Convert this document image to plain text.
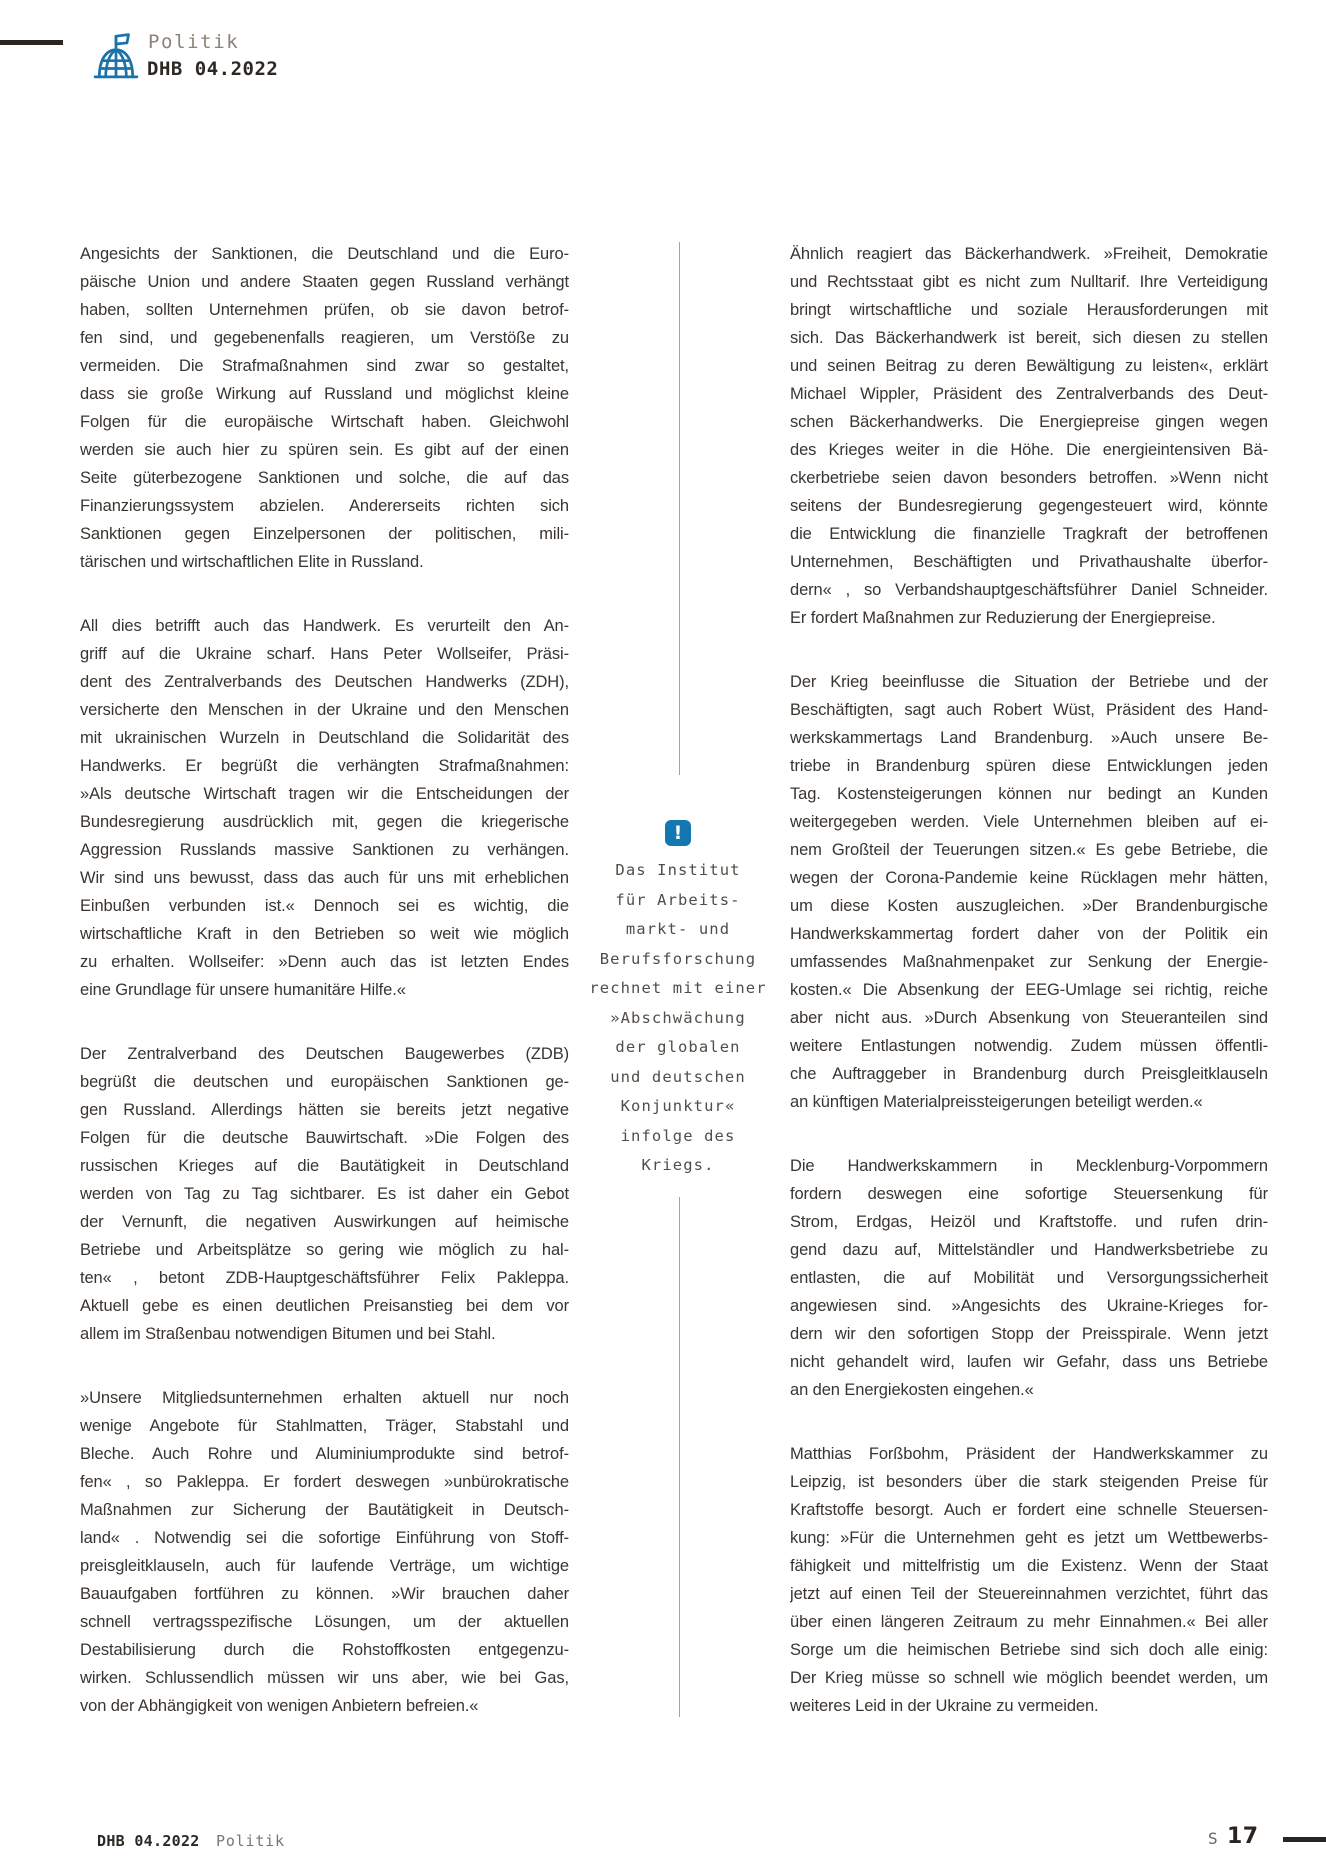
Politik
DHB 04.2022
Angesichts der Sanktionen, die Deutschland und die Euro-
päische Union und andere Staaten gegen Russland verhängt
haben, sollten Unternehmen prüfen, ob sie davon betrof-
fen sind, und gegebenenfalls reagieren, um Verstöße zu
vermeiden. Die Strafmaßnahmen sind zwar so gestaltet,
dass sie große Wirkung auf Russland und möglichst kleine
Folgen für die europäische Wirtschaft haben. Gleichwohl
werden sie auch hier zu spüren sein. Es gibt auf der einen
Seite güterbezogene Sanktionen und solche, die auf das
Finanzierungssystem abzielen. Andererseits richten sich
Sanktionen gegen Einzelpersonen der politischen, mili-
tärischen und wirtschaftlichen Elite in Russland.
All dies betrifft auch das Handwerk. Es verurteilt den An-
griff auf die Ukraine scharf. Hans Peter Wollseifer, Präsi-
dent des Zentralverbands des Deutschen Handwerks (ZDH),
versicherte den Menschen in der Ukraine und den Menschen
mit ukrainischen Wurzeln in Deutschland die Solidarität des
Handwerks. Er begrüßt die verhängten Strafmaßnahmen:
»Als deutsche Wirtschaft tragen wir die Entscheidungen der
Bundesregierung ausdrücklich mit, gegen die kriegerische
Aggression Russlands massive Sanktionen zu verhängen.
Wir sind uns bewusst, dass das auch für uns mit erheblichen
Einbußen verbunden ist.« Dennoch sei es wichtig, die
wirtschaftliche Kraft in den Betrieben so weit wie möglich
zu erhalten. Wollseifer: »Denn auch das ist letzten Endes
eine Grundlage für unsere humanitäre Hilfe.«
Der Zentralverband des Deutschen Baugewerbes (ZDB)
begrüßt die deutschen und europäischen Sanktionen ge-
gen Russland. Allerdings hätten sie bereits jetzt negative
Folgen für die deutsche Bauwirtschaft. »Die Folgen des
russischen Krieges auf die Bautätigkeit in Deutschland
werden von Tag zu Tag sichtbarer. Es ist daher ein Gebot
der Vernunft, die negativen Auswirkungen auf heimische
Betriebe und Arbeitsplätze so gering wie möglich zu hal-
ten« , betont ZDB-Hauptgeschäftsführer Felix Pakleppa.
Aktuell gebe es einen deutlichen Preisanstieg bei dem vor
allem im Straßenbau notwendigen Bitumen und bei Stahl.
»Unsere Mitgliedsunternehmen erhalten aktuell nur noch
wenige Angebote für Stahlmatten, Träger, Stabstahl und
Bleche. Auch Rohre und Aluminiumprodukte sind betrof-
fen« , so Pakleppa. Er fordert deswegen »unbürokratische
Maßnahmen zur Sicherung der Bautätigkeit in Deutsch-
land« . Notwendig sei die sofortige Einführung von Stoff-
preisgleitklauseln, auch für laufende Verträge, um wichtige
Bauaufgaben fortführen zu können. »Wir brauchen daher
schnell vertragsspezifische Lösungen, um der aktuellen
Destabilisierung durch die Rohstoffkosten entgegenzu-
wirken. Schlussendlich müssen wir uns aber, wie bei Gas,
von der Abhängigkeit von wenigen Anbietern befreien.«
!
Das Institut
für Arbeits-
markt- und
Berufsforschung
rechnet mit einer
»Abschwächung
der globalen
und deutschen
Konjunktur«
infolge des
Kriegs.
Ähnlich reagiert das Bäckerhandwerk. »Freiheit, Demokratie
und Rechtsstaat gibt es nicht zum Nulltarif. Ihre Verteidigung
bringt wirtschaftliche und soziale Herausforderungen mit
sich. Das Bäckerhandwerk ist bereit, sich diesen zu stellen
und seinen Beitrag zu deren Bewältigung zu leisten«, erklärt
Michael Wippler, Präsident des Zentralverbands des Deut-
schen Bäckerhandwerks. Die Energiepreise gingen wegen
des Krieges weiter in die Höhe. Die energieintensiven Bä-
ckerbetriebe seien davon besonders betroffen. »Wenn nicht
seitens der Bundesregierung gegengesteuert wird, könnte
die Entwicklung die finanzielle Tragkraft der betroffenen
Unternehmen, Beschäftigten und Privathaushalte überfor-
dern« , so Verbandshauptgeschäftsführer Daniel Schneider.
Er fordert Maßnahmen zur Reduzierung der Energiepreise.
Der Krieg beeinflusse die Situation der Betriebe und der
Beschäftigten, sagt auch Robert Wüst, Präsident des Hand-
werkskammertags Land Brandenburg. »Auch unsere Be-
triebe in Brandenburg spüren diese Entwicklungen jeden
Tag. Kostensteigerungen können nur bedingt an Kunden
weitergegeben werden. Viele Unternehmen bleiben auf ei-
nem Großteil der Teuerungen sitzen.« Es gebe Betriebe, die
wegen der Corona-Pandemie keine Rücklagen mehr hätten,
um diese Kosten auszugleichen. »Der Brandenburgische
Handwerkskammertag fordert daher von der Politik ein
umfassendes Maßnahmenpaket zur Senkung der Energie-
kosten.« Die Absenkung der EEG-Umlage sei richtig, reiche
aber nicht aus. »Durch Absenkung von Steueranteilen sind
weitere Entlastungen notwendig. Zudem müssen öffentli-
che Auftraggeber in Brandenburg durch Preisgleitklauseln
an künftigen Materialpreissteigerungen beteiligt werden.«
Die Handwerkskammern in Mecklenburg-Vorpommern
fordern deswegen eine sofortige Steuersenkung für
Strom, Erdgas, Heizöl und Kraftstoffe. und rufen drin-
gend dazu auf, Mittelständler und Handwerksbetriebe zu
entlasten, die auf Mobilität und Versorgungssicherheit
angewiesen sind. »Angesichts des Ukraine-Krieges for-
dern wir den sofortigen Stopp der Preisspirale. Wenn jetzt
nicht gehandelt wird, laufen wir Gefahr, dass uns Betriebe
an den Energiekosten eingehen.«
Matthias Forßbohm, Präsident der Handwerkskammer zu
Leipzig, ist besonders über die stark steigenden Preise für
Kraftstoffe besorgt. Auch er fordert eine schnelle Steuersen-
kung: »Für die Unternehmen geht es jetzt um Wettbewerbs-
fähigkeit und mittelfristig um die Existenz. Wenn der Staat
jetzt auf einen Teil der Steuereinnahmen verzichtet, führt das
über einen längeren Zeitraum zu mehr Einnahmen.« Bei aller
Sorge um die heimischen Betriebe sind sich doch alle einig:
Der Krieg müsse so schnell wie möglich beendet werden, um
weiteres Leid in der Ukraine zu vermeiden.
DHB 04.2022 Politik	S 17
